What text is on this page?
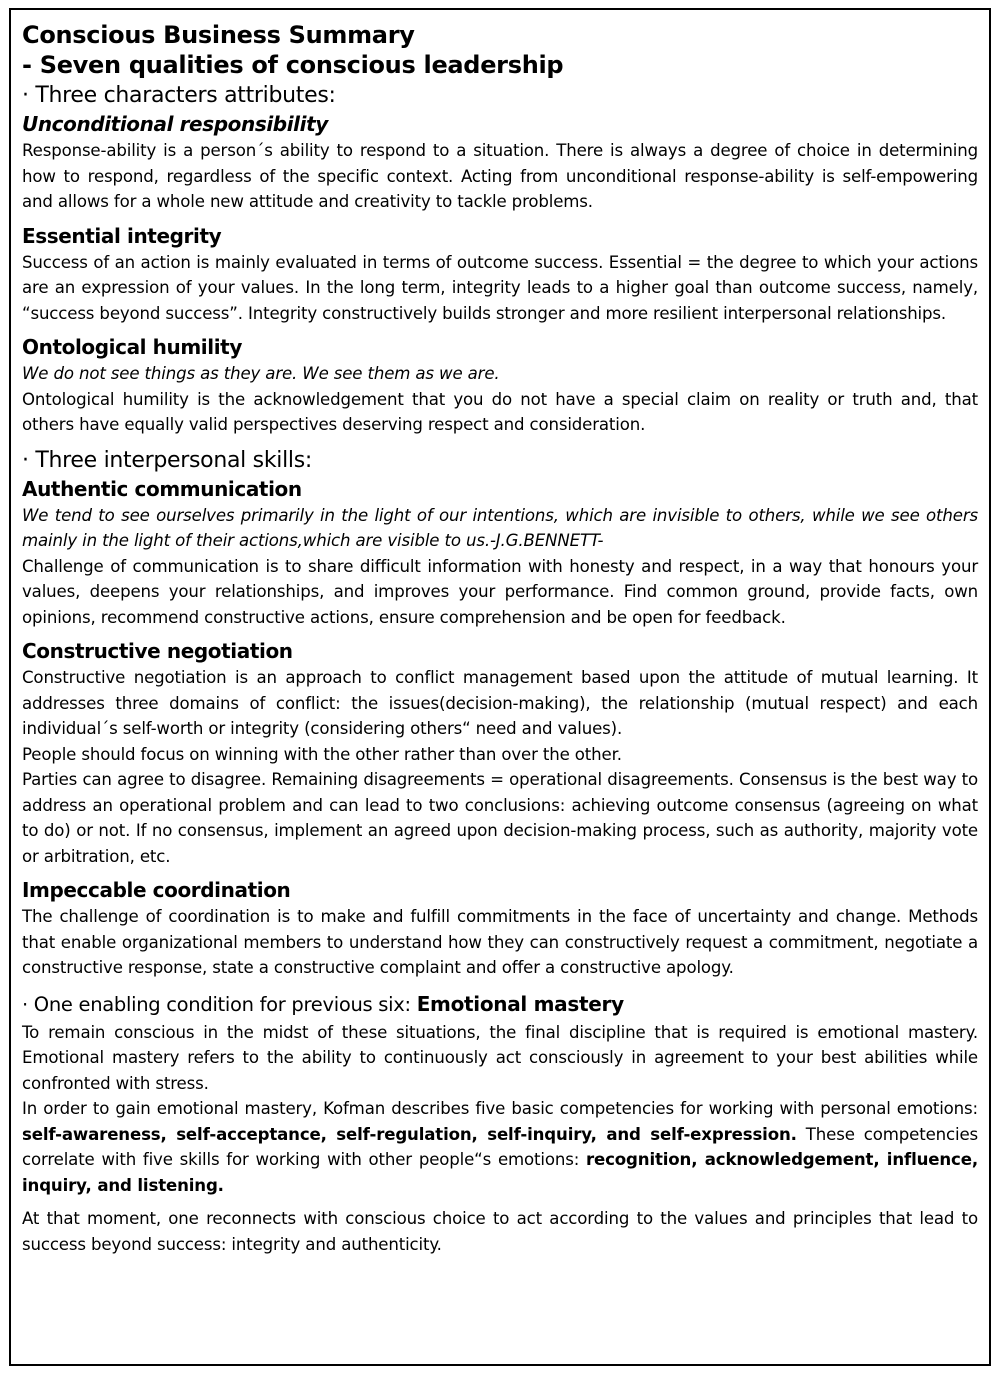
Conscious Business Summary

- Seven qualities of conscious leadership

· Three characters attributes:

Unconditional responsibility

Response-ability is a person´s ability to respond to a situation. There is always a degree of choice in determining how to respond, regardless of the specific context. Acting from unconditional response-ability is self-empowering and allows for a whole new attitude and creativity to tackle problems.

Essential integrity

Success of an action is mainly evaluated in terms of outcome success. Essential = the degree to which your actions are an expression of your values. In the long term, integrity leads to a higher goal than outcome success, namely, “success beyond success”. Integrity constructively builds stronger and more resilient interpersonal relationships.

Ontological humility

We do not see things as they are. We see them as we are.

Ontological humility is the acknowledgement that you do not have a special claim on reality or truth and, that others have equally valid perspectives deserving respect and consideration.

· Three interpersonal skills:

Authentic communication

We tend to see ourselves primarily in the light of our intentions, which are invisible to others, while we see others mainly in the light of their actions,which are visible to us.-J.G.BENNETT-

Challenge of communication is to share difficult information with honesty and respect, in a way that honours your values, deepens your relationships, and improves your performance. Find common ground, provide facts, own opinions, recommend constructive actions, ensure comprehension and be open for feedback.

Constructive negotiation

Constructive negotiation is an approach to conflict management based upon the attitude of mutual learning. It addresses three domains of conflict: the issues(decision-making), the relationship (mutual respect) and each individual´s self-worth or integrity (considering others“ need and values).

People should focus on winning with the other rather than over the other.

Parties can agree to disagree. Remaining disagreements = operational disagreements. Consensus is the best way to address an operational problem and can lead to two conclusions: achieving outcome consensus (agreeing on what to do) or not. If no consensus, implement an agreed upon decision-making process, such as authority, majority vote or arbitration, etc.

Impeccable coordination

The challenge of coordination is to make and fulfill commitments in the face of uncertainty and change. Methods that enable organizational members to understand how they can constructively request a commitment, negotiate a constructive response, state a constructive complaint and offer a constructive apology.

· One enabling condition for previous six: Emotional mastery

To remain conscious in the midst of these situations, the final discipline that is required is emotional mastery. Emotional mastery refers to the ability to continuously act consciously in agreement to your best abilities while confronted with stress.

In order to gain emotional mastery, Kofman describes five basic competencies for working with personal emotions: self-awareness, self-acceptance, self-regulation, self-inquiry, and self-expression. These competencies correlate with five skills for working with other people“s emotions: recognition, acknowledgement, influence, inquiry, and listening.

At that moment, one reconnects with conscious choice to act according to the values and principles that lead to success beyond success: integrity and authenticity.
